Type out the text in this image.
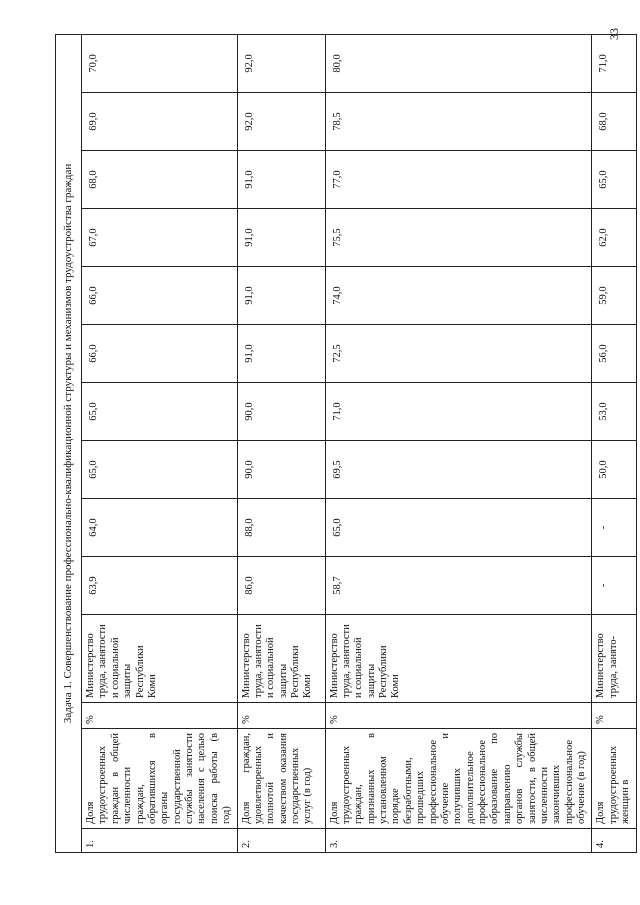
33
Задача 1. Совершенствование профессионально-квалификационной структуры и механизмов трудоустройства граждан													
1.	Доля трудоустроенных граждан в общей численности граждан, обратившихся в органы государственной службы занятости населения с целью поиска работы (в год)	%	Министерство труда, занятости и социальной защиты Республики Коми	63,9	64,0	65,0	65,0	66,0	66,0	67,0	68,0	69,0	70,0
2.	Доля граждан, удовлетворенных полнотой и качеством оказания государственных услуг (в год)	%	Министерство труда, занятости и социальной защиты Республики Коми	86,0	88,0	90,0	90,0	91,0	91,0	91,0	91,0	92,0	92,0
3.	Доля трудоустроенных граждан, признанных в установленном порядке безработными, прошедших профессиональное обучение и получивших дополнительное профессиональное образование по направлению органов службы занятости, в общей численности закончивших профессиональное обучение (в год)	%	Министерство труда, занятости и социальной защиты Республики Коми	58,7	65,0	69,5	71,0	72,5	74,0	75,5	77,0	78,5	80,0
4.	Доля трудоустроенных женщин в	%	Министерство труда, занято-	-	-	50,0	53,0	56,0	59,0	62,0	65,0	68,0	71,0
